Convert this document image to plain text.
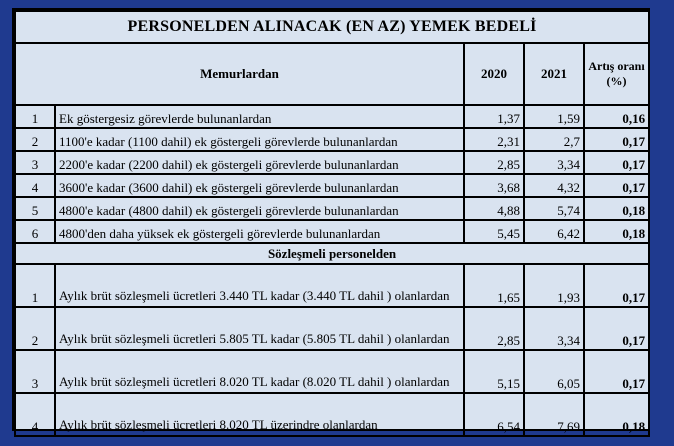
PERSONELDEN ALINACAK (EN AZ) YEMEK BEDELİ				
Memurlardan		2020	2021	Artış oranı (%)
1	Ek göstergesiz görevlerde bulunanlardan	1,37	1,59	0,16
2	1100'e kadar (1100 dahil) ek göstergeli görevlerde bulunanlardan	2,31	2,7	0,17
3	2200'e kadar (2200 dahil) ek göstergeli görevlerde bulunanlardan	2,85	3,34	0,17
4	3600'e kadar (3600 dahil) ek göstergeli görevlerde bulunanlardan	3,68	4,32	0,17
5	4800'e kadar (4800 dahil) ek göstergeli görevlerde bulunanlardan	4,88	5,74	0,18
6	4800'den daha yüksek ek göstergeli görevlerde bulunanlardan	5,45	6,42	0,18
Sözleşmeli personelden				
1	Aylık brüt sözleşmeli ücretleri 3.440 TL kadar (3.440 TL dahil ) olanlardan	1,65	1,93	0,17
2	Aylık brüt sözleşmeli ücretleri 5.805 TL kadar (5.805 TL dahil ) olanlardan	2,85	3,34	0,17
3	Aylık brüt sözleşmeli ücretleri 8.020 TL kadar (8.020 TL dahil ) olanlardan	5,15	6,05	0,17
4	Aylık brüt sözleşmeli ücretleri 8.020 TL üzerindre olanlardan	6,54	7,69	0,18
